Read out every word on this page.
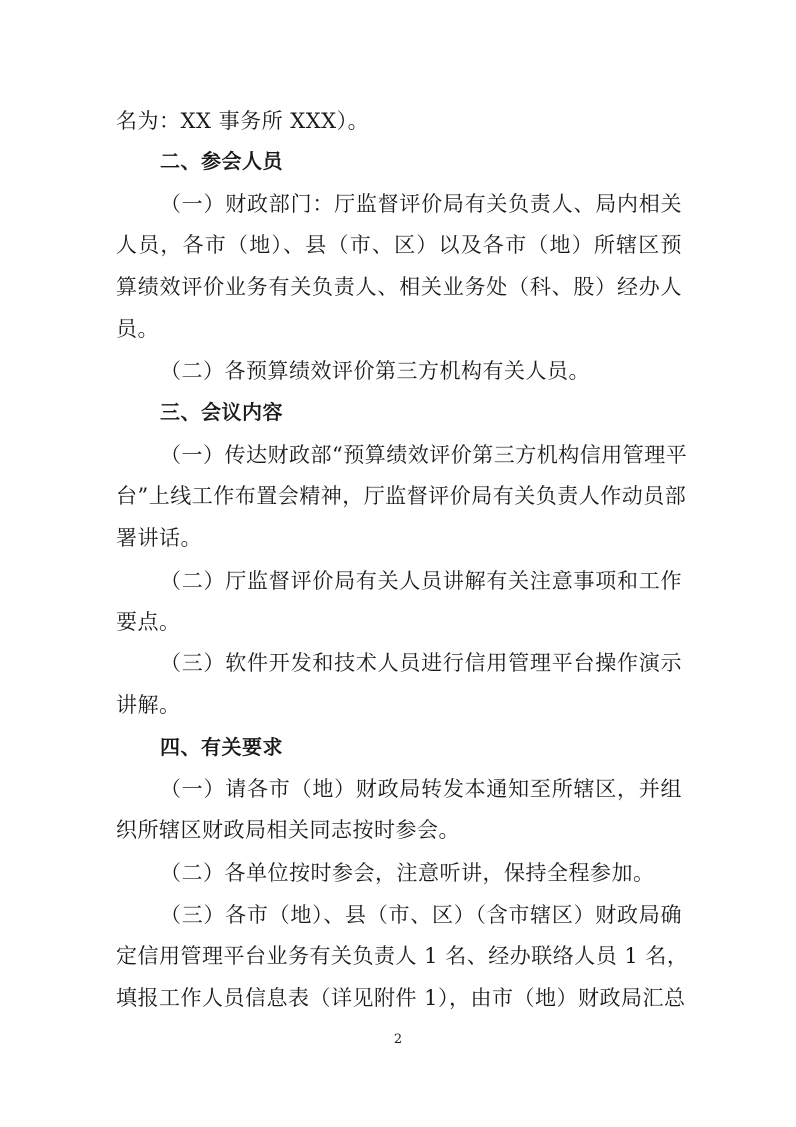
名为：XX 事务所 XXX）。
二、参会人员
（一）财政部门：厅监督评价局有关负责人、局内相关
人员，各市（地）、县（市、区）以及各市（地）所辖区预
算绩效评价业务有关负责人、相关业务处（科、股）经办人
员。
（二）各预算绩效评价第三方机构有关人员。
三、会议内容
（一）传达财政部“预算绩效评价第三方机构信用管理平
台”上线工作布置会精神，厅监督评价局有关负责人作动员部
署讲话。
（二）厅监督评价局有关人员讲解有关注意事项和工作
要点。
（三）软件开发和技术人员进行信用管理平台操作演示
讲解。
四、有关要求
（一）请各市（地）财政局转发本通知至所辖区，并组
织所辖区财政局相关同志按时参会。
（二）各单位按时参会，注意听讲，保持全程参加。
（三）各市（地）、县（市、区）（含市辖区）财政局确
定信用管理平台业务有关负责人 1 名、经办联络人员 1 名，
填报工作人员信息表（详见附件 1），由市（地）财政局汇总
2
